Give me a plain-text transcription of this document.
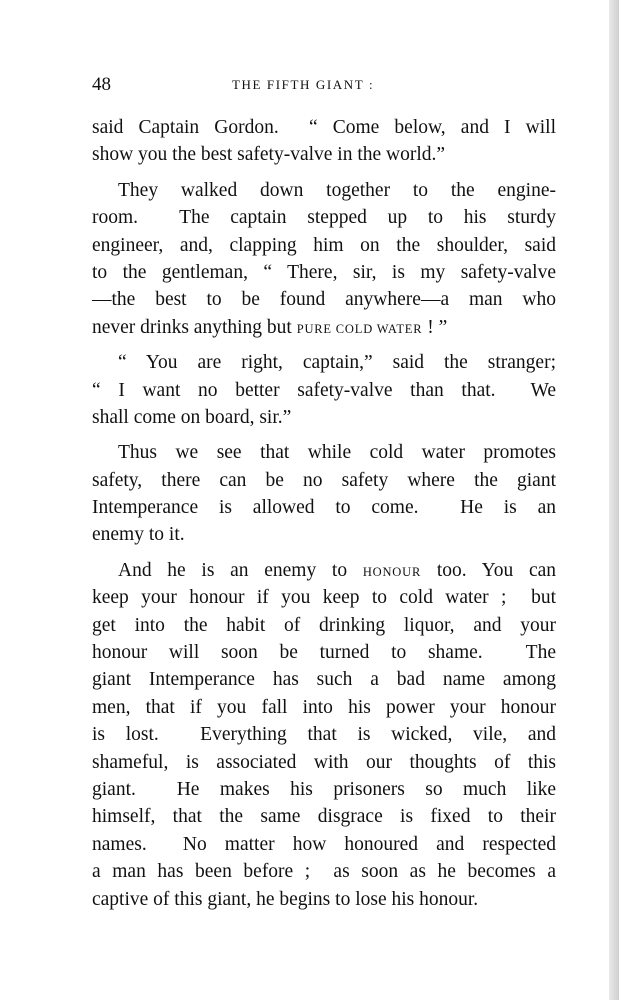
48	THE FIFTH GIANT :
said Captain Gordon.  “ Come below, and I will
show you the best safety-valve in the world.”
They walked down together to the engine-
room.  The captain stepped up to his sturdy
engineer, and, clapping him on the shoulder, said
to the gentleman, “ There, sir, is my safety-valve
—the best to be found anywhere—a man who
never drinks anything but PURE COLD WATER ! ”
“ You are right, captain,” said the stranger;
“ I want no better safety-valve than that.  We
shall come on board, sir.”
Thus we see that while cold water promotes
safety, there can be no safety where the giant
Intemperance is allowed to come.  He is an
enemy to it.
And he is an enemy to HONOUR too. You can
keep your honour if you keep to cold water ;  but
get into the habit of drinking liquor, and your
honour will soon be turned to shame.  The
giant Intemperance has such a bad name among
men, that if you fall into his power your honour
is lost.  Everything that is wicked, vile, and
shameful, is associated with our thoughts of this
giant.  He makes his prisoners so much like
himself, that the same disgrace is fixed to their
names.  No matter how honoured and respected
a man has been before ;  as soon as he becomes a
captive of this giant, he begins to lose his honour.
